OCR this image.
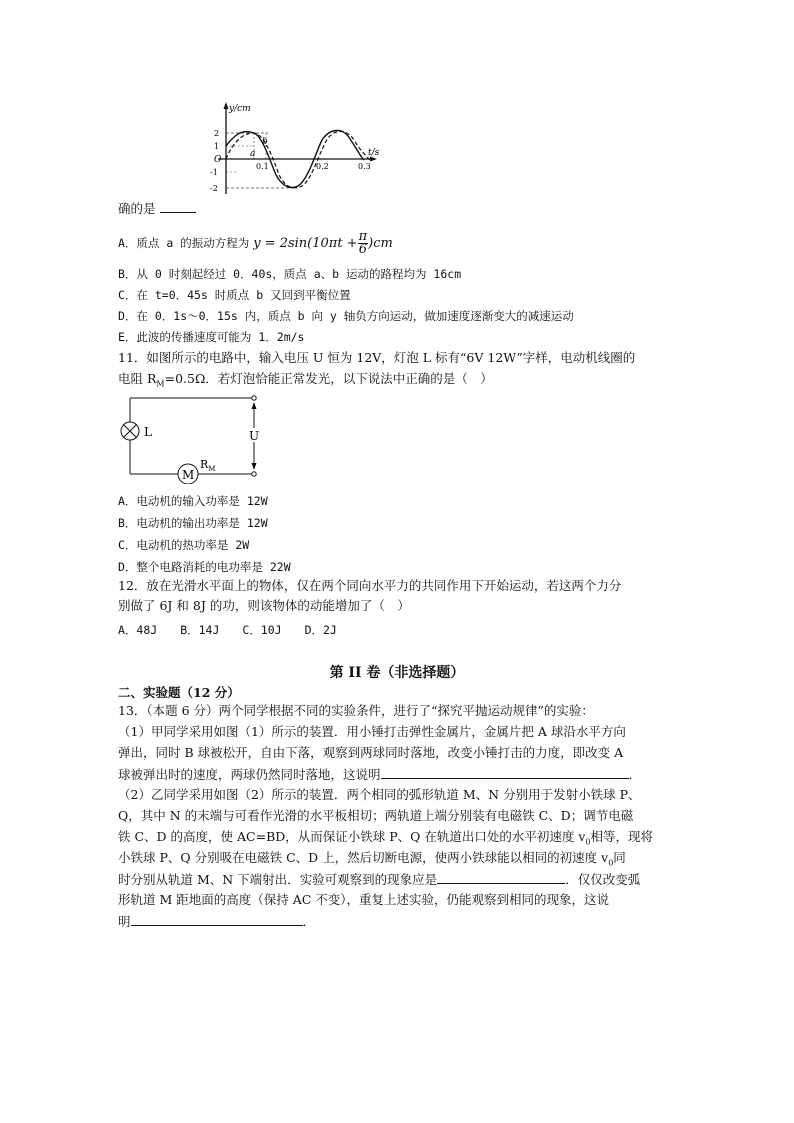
y/cm
t/s
O
2
1
-1
-2
0.1	0.2	0.3
a
b
确的是
A．质点 a 的振动方程为 $y = 2\sin(10\pi t + \frac{\pi}{6} )cm$
B．从 0 时刻起经过 0．40s，质点 a、b 运动的路程均为 16cm
C．在 t=0．45s 时质点 b 又回到平衡位置
D．在 0．1s～0．15s 内，质点 b 向 y 轴负方向运动，做加速度逐渐变大的减速运动
E．此波的传播速度可能为 1．2m/s
11．如图所示的电路中，输入电压 U 恒为 12V，灯泡 L 标有“6V 12W”字样，电动机线圈的
电阻 $R_M=0.5\Omega$．若灯泡恰能正常发光，以下说法中正确的是（　）
L
M
$R_M$
U
A．电动机的输入功率是 12W
B．电动机的输出功率是 12W
C．电动机的热功率是 2W
D．整个电路消耗的电功率是 22W
12．放在光滑水平面上的物体，仅在两个同向水平力的共同作用下开始运动，若这两个力分
别做了 6J 和 8J 的功，则该物体的动能增加了（　）
A．48J　　B．14J　　C．10J　　D．2J
第 II 卷（非选择题）
二、实验题（12 分）
13．（本题 6 分）两个同学根据不同的实验条件，进行了“探究平抛运动规律”的实验：
（1）甲同学采用如图（1）所示的装置．用小锤打击弹性金属片，金属片把 A 球沿水平方向
弹出，同时 B 球被松开，自由下落，观察到两球同时落地，改变小锤打击的力度，即改变 A
球被弹出时的速度，两球仍然同时落地，这说明	．
（2）乙同学采用如图（2）所示的装置．两个相同的弧形轨道 M、N 分别用于发射小铁球 P、
Q，其中 N 的末端与可看作光滑的水平板相切；两轨道上端分别装有电磁铁 C、D；调节电磁
铁 C、D 的高度，使 AC=BD，从而保证小铁球 P、Q 在轨道出口处的水平初速度 $v_0$相等，现将
小铁球 P、Q 分别吸在电磁铁 C、D 上，然后切断电源，使两小铁球能以相同的初速度 $v_0$同
时分别从轨道 M、N 下端射出．实验可观察到的现象应是	．仅仅改变弧
形轨道 M 距地面的高度（保持 AC 不变），重复上述实验，仍能观察到相同的现象，这说
明	．
